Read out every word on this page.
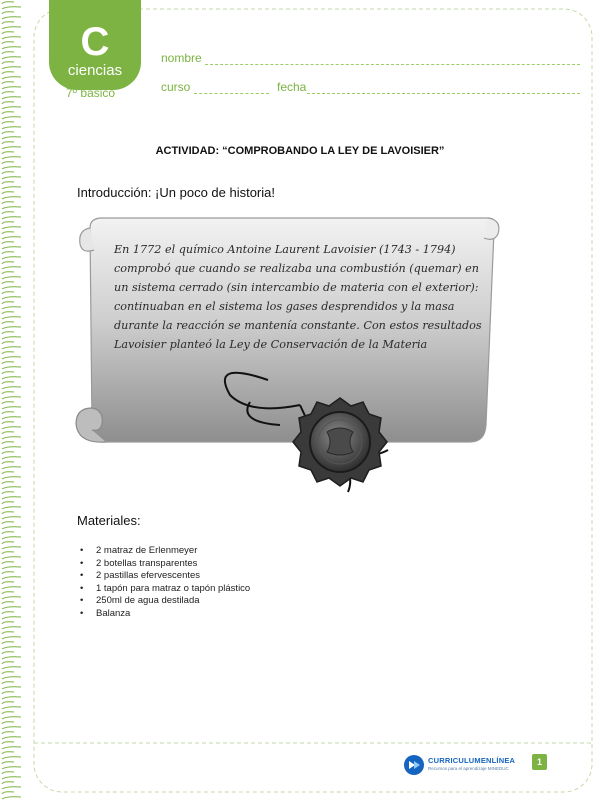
C
ciencias
7º básico
nombre
curso	fecha
ACTIVIDAD: “COMPROBANDO LA LEY DE LAVOISIER”
Introducción: ¡Un poco de historia!
En 1772 el químico Antoine Laurent Lavoisier (1743 - 1794) comprobó que cuando se realizaba una combustión (quemar) en un sistema cerrado (sin intercambio de materia con el exterior): continuaban en el sistema los gases desprendidos y la masa durante la reacción se mantenía constante. Con estos resultados Lavoisier planteó la Ley de Conservación de la Materia
Materiales:
• 2 matraz de Erlenmeyer
• 2 botellas transparentes
• 2 pastillas efervescentes
• 1 tapón para matraz o tapón plástico
• 250ml de agua destilada
• Balanza
CURRICULUMENLÍNEA
Recursos para el aprendizaje MINEDUC
1
